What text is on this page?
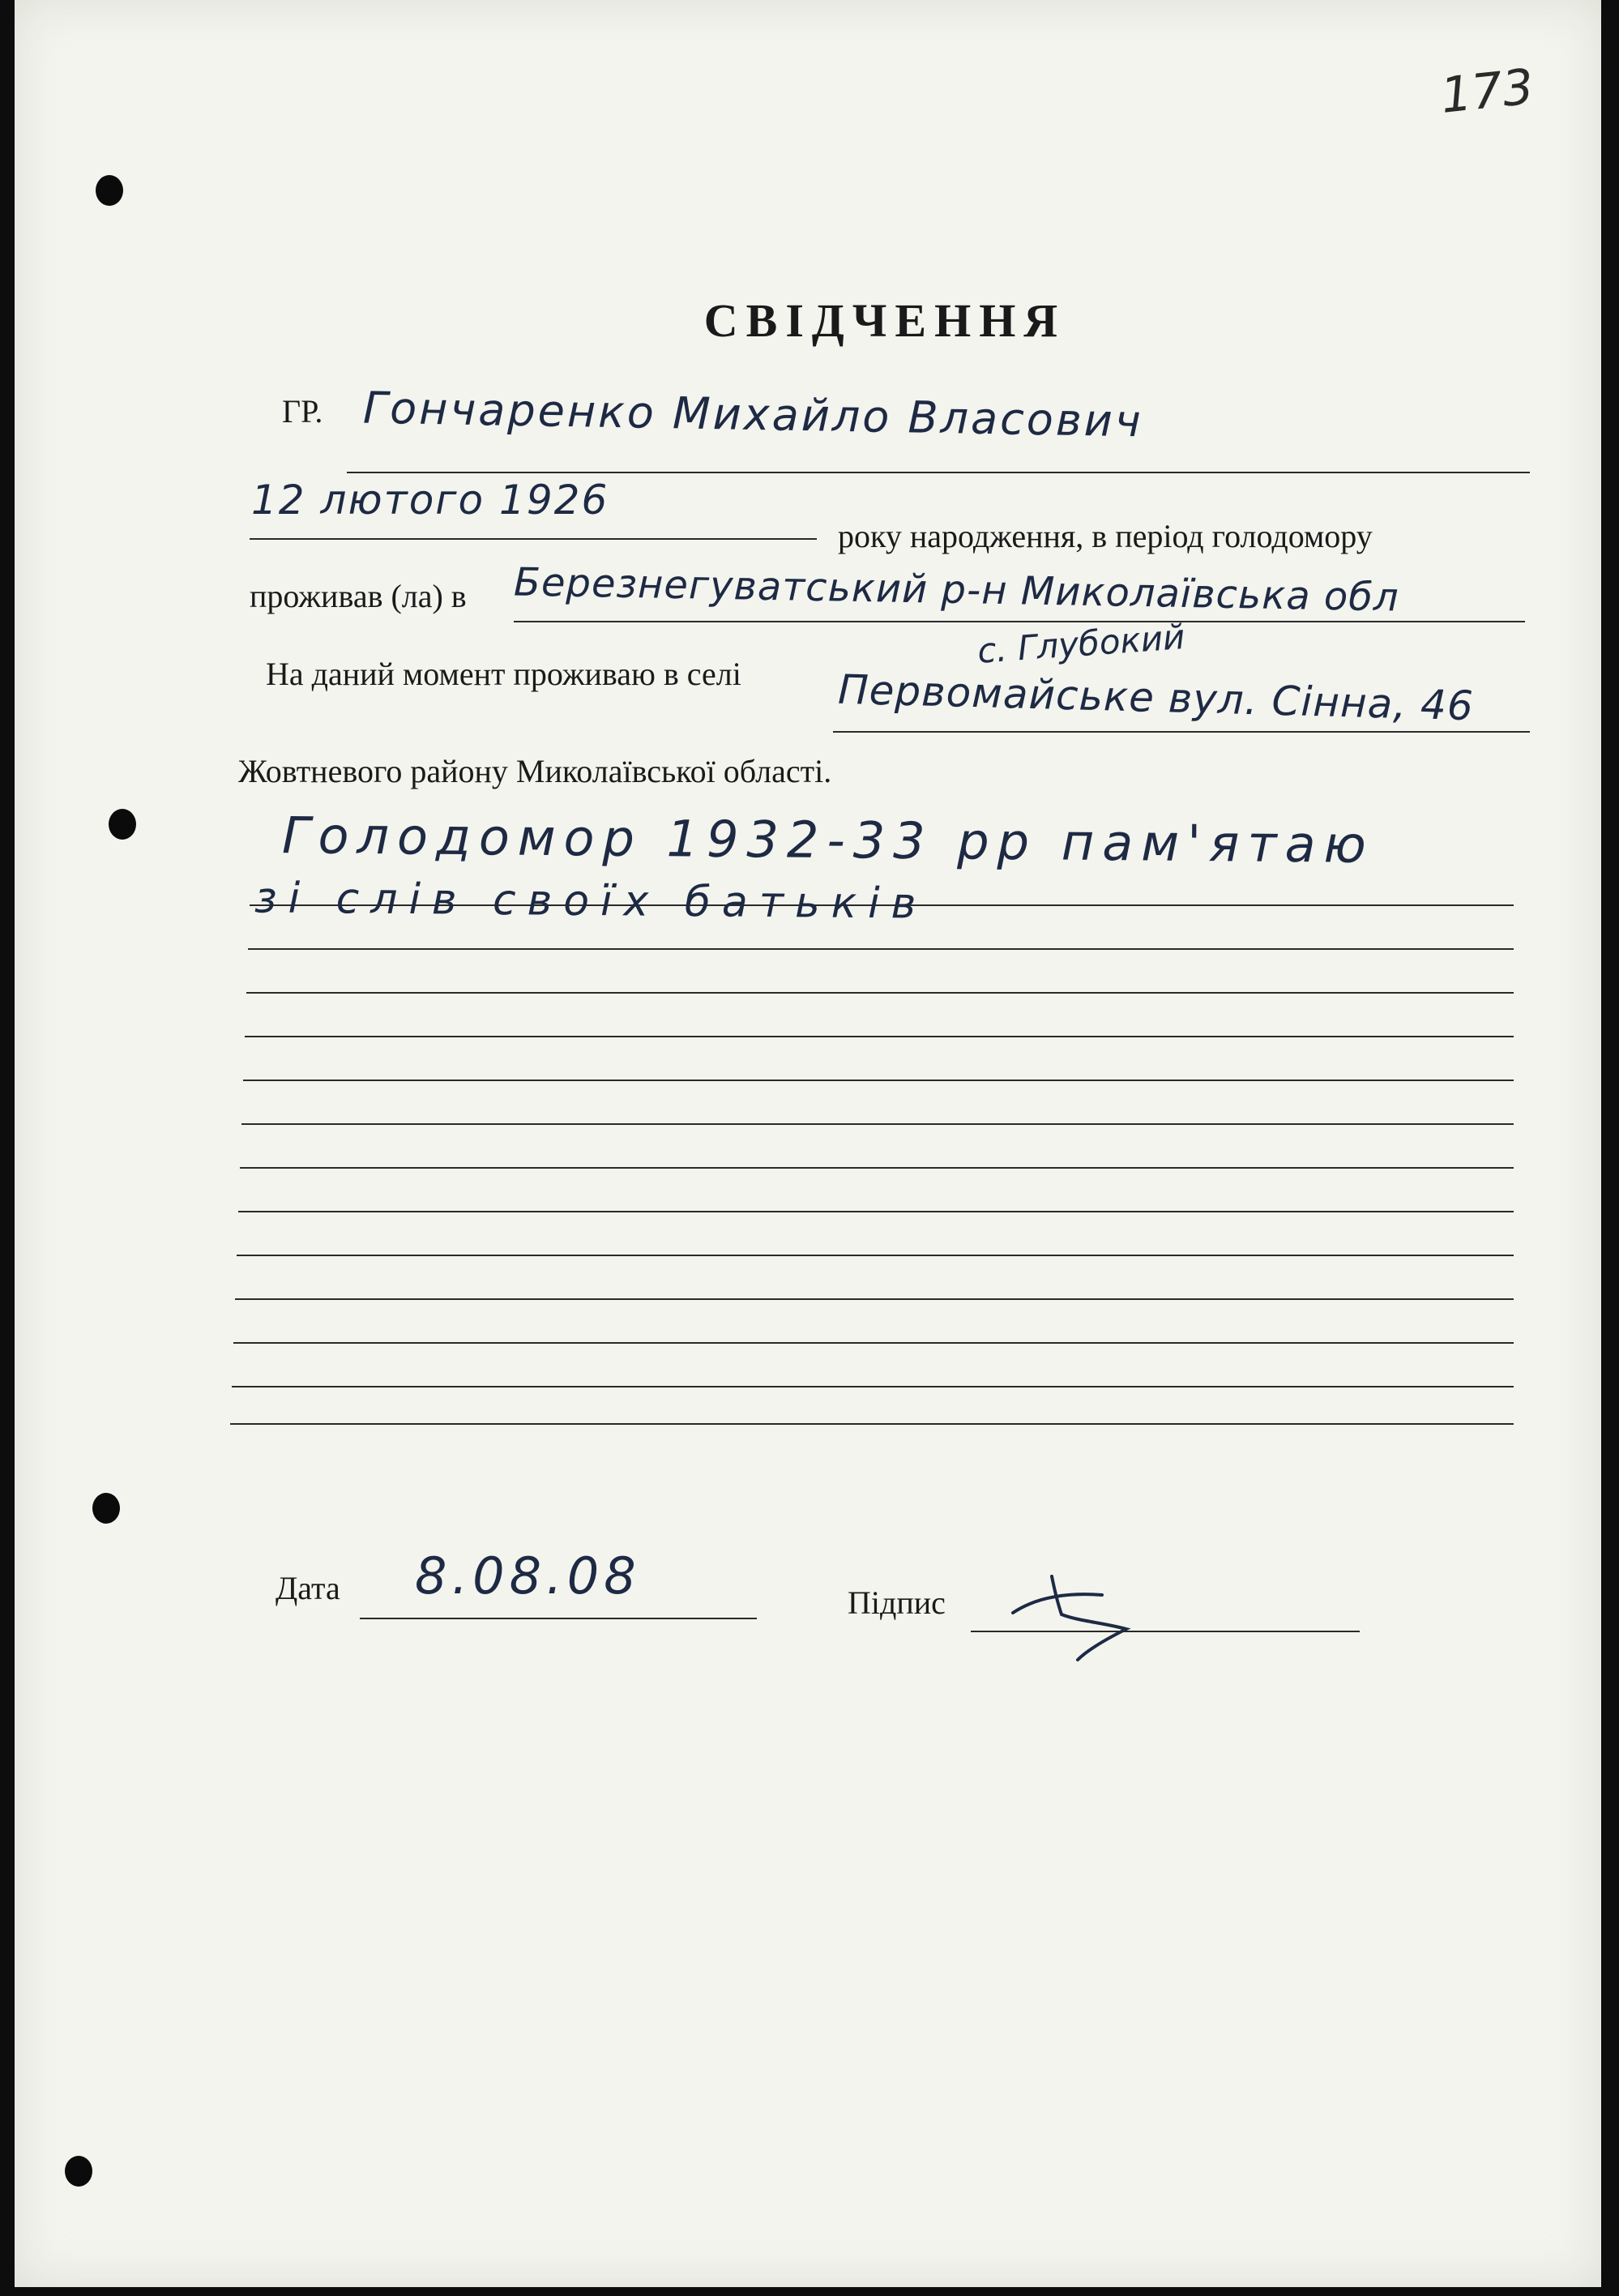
173
СВІДЧЕННЯ
ГР. Гончаренко Михайло Власович
12 лютого 1926
року народження, в період голодомору
проживав (ла) в Березнегуватський р-н Миколаївська обл
с. Глубокий
На даний момент проживаю в селі Первомайське вул. Сінна, 46
Жовтневого району Миколаївської області.
Голодомор 1932-33 рр пам'ятаю
зі слів своїх батьків
Дата 8.08.08	Підпис
